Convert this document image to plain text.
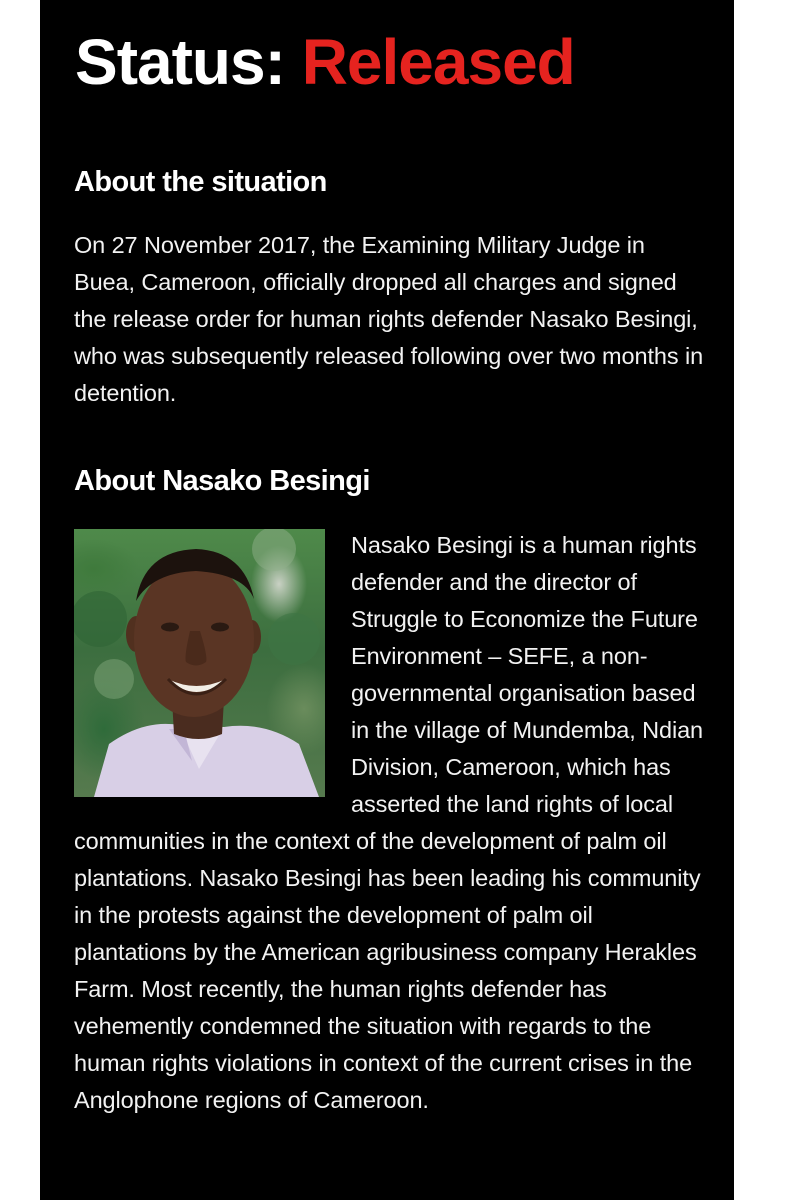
Status: Released
About the situation

On 27 November 2017, the Examining Military Judge in Buea, Cameroon, officially dropped all charges and signed the release order for human rights defender Nasako Besingi, who was subsequently released following over two months in detention.

About Nasako Besingi

Nasako Besingi is a human rights defender and the director of Struggle to Economize the Future Environment – SEFE, a non-governmental organisation based in the village of Mundemba, Ndian Division, Cameroon, which has asserted the land rights of local communities in the context of the development of palm oil plantations. Nasako Besingi has been leading his community in the protests against the development of palm oil plantations by the American agribusiness company Herakles Farm. Most recently, the human rights defender has vehemently condemned the situation with regards to the human rights violations in context of the current crises in the Anglophone regions of Cameroon.
